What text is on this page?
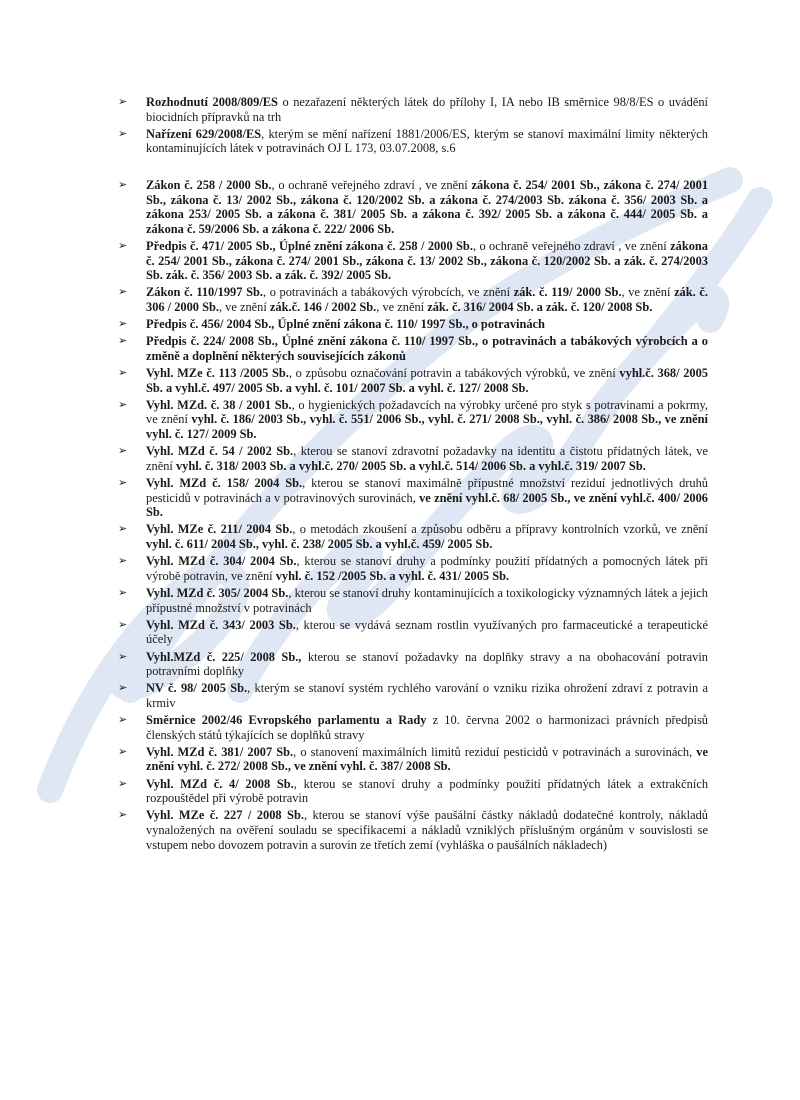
➢ Rozhodnutí 2008/809/ES o nezařazení některých látek do přílohy I, IA nebo IB směrnice 98/8/ES o uvádění biocidních přípravků na trh
➢ Nařízení 629/2008/ES, kterým se mění nařízení 1881/2006/ES, kterým se stanoví maximální limity některých kontaminujících látek v potravinách OJ L 173, 03.07.2008, s.6
➢ Zákon č. 258 / 2000 Sb., o ochraně veřejného zdraví , ve znění zákona č. 254/ 2001 Sb., zákona č. 274/ 2001 Sb., zákona č. 13/ 2002 Sb., zákona č. 120/2002 Sb. a zákona č. 274/2003 Sb. zákona č. 356/ 2003 Sb. a zákona 253/ 2005 Sb. a zákona č. 381/ 2005 Sb. a zákona č. 392/ 2005 Sb. a zákona č. 444/ 2005 Sb. a zákona č. 59/2006 Sb. a zákona č. 222/ 2006 Sb.
➢ Předpis č. 471/ 2005 Sb., Úplné znění zákona č. 258 / 2000 Sb., o ochraně veřejného zdraví , ve znění zákona č. 254/ 2001 Sb., zákona č. 274/ 2001 Sb., zákona č. 13/ 2002 Sb., zákona č. 120/2002 Sb. a zák. č. 274/2003 Sb. zák. č. 356/ 2003 Sb. a zák. č. 392/ 2005 Sb.
➢ Zákon č. 110/1997 Sb., o potravinách a tabákových výrobcích, ve znění zák. č. 119/ 2000 Sb., ve znění zák. č. 306 / 2000 Sb., ve znění zák.č. 146 / 2002 Sb., ve znění zák. č. 316/ 2004 Sb. a zák. č. 120/ 2008 Sb.
➢ Předpis č. 456/ 2004 Sb., Úplné znění zákona č. 110/ 1997 Sb., o potravinách
➢ Předpis č. 224/ 2008 Sb., Úplné znění zákona č. 110/ 1997 Sb., o potravinách a tabákových výrobcích a o změně a doplnění některých souvisejících zákonů
➢ Vyhl. MZe č. 113 /2005 Sb., o způsobu označování potravin a tabákových výrobků, ve znění vyhl.č. 368/ 2005 Sb. a vyhl.č. 497/ 2005 Sb. a vyhl. č. 101/ 2007 Sb. a vyhl. č. 127/ 2008 Sb.
➢ Vyhl. MZd. č. 38 / 2001 Sb., o hygienických požadavcích na výrobky určené pro styk s potravinami a pokrmy, ve znění vyhl. č. 186/ 2003 Sb., vyhl. č. 551/ 2006 Sb., vyhl. č. 271/ 2008 Sb., vyhl. č. 386/ 2008 Sb., ve znění vyhl. č. 127/ 2009 Sb.
➢ Vyhl. MZd č. 54 / 2002 Sb., kterou se stanoví zdravotní požadavky na identitu a čistotu přídatných látek, ve znění vyhl. č. 318/ 2003 Sb. a vyhl.č. 270/ 2005 Sb. a vyhl.č. 514/ 2006 Sb. a vyhl.č. 319/ 2007 Sb.
➢ Vyhl. MZd č. 158/ 2004 Sb., kterou se stanoví maximálně přípustné množství reziduí jednotlivých druhů pesticidů v potravinách a v potravinových surovinách, ve znění vyhl.č. 68/ 2005 Sb., ve znění vyhl.č. 400/ 2006 Sb.
➢ Vyhl. MZe č. 211/ 2004 Sb., o metodách zkoušení a způsobu odběru a přípravy kontrolních vzorků, ve znění vyhl. č. 611/ 2004 Sb., vyhl. č. 238/ 2005 Sb. a vyhl.č. 459/ 2005 Sb.
➢ Vyhl. MZd č. 304/ 2004 Sb., kterou se stanoví druhy a podmínky použití přídatných a pomocných látek při výrobě potravin, ve znění vyhl. č. 152 /2005 Sb. a vyhl. č. 431/ 2005 Sb.
➢ Vyhl. MZd č. 305/ 2004 Sb., kterou se stanoví druhy kontaminujících a toxikologicky významných látek a jejich přípustné množství v potravinách
➢ Vyhl. MZd č. 343/ 2003 Sb., kterou se vydává seznam rostlin využívaných pro farmaceutické a terapeutické účely
➢ Vyhl.MZd č. 225/ 2008 Sb., kterou se stanoví požadavky na doplňky stravy a na obohacování potravin potravními doplňky
➢ NV č. 98/ 2005 Sb., kterým se stanoví systém rychlého varování o vzniku rizika ohrožení zdraví z potravin a krmiv
➢ Směrnice 2002/46 Evropského parlamentu a Rady z 10. června 2002 o harmonizaci právních předpisů členských států týkajících se doplňků stravy
➢ Vyhl. MZd č. 381/ 2007 Sb., o stanovení maximálních limitů reziduí pesticidů v potravinách a surovinách, ve znění vyhl. č. 272/ 2008 Sb., ve znění vyhl. č. 387/ 2008 Sb.
➢ Vyhl. MZd č. 4/ 2008 Sb., kterou se stanoví druhy a podmínky použití přídatných látek a extrakčních rozpouštědel při výrobě potravin
➢ Vyhl. MZe č. 227 / 2008 Sb., kterou se stanoví výše paušální částky nákladů dodatečné kontroly, nákladů vynaložených na ověření souladu se specifikacemi a nákladů vzniklých příslušným orgánům v souvislosti se vstupem nebo dovozem potravin a surovin ze třetích zemí (vyhláška o paušálních nákladech)
